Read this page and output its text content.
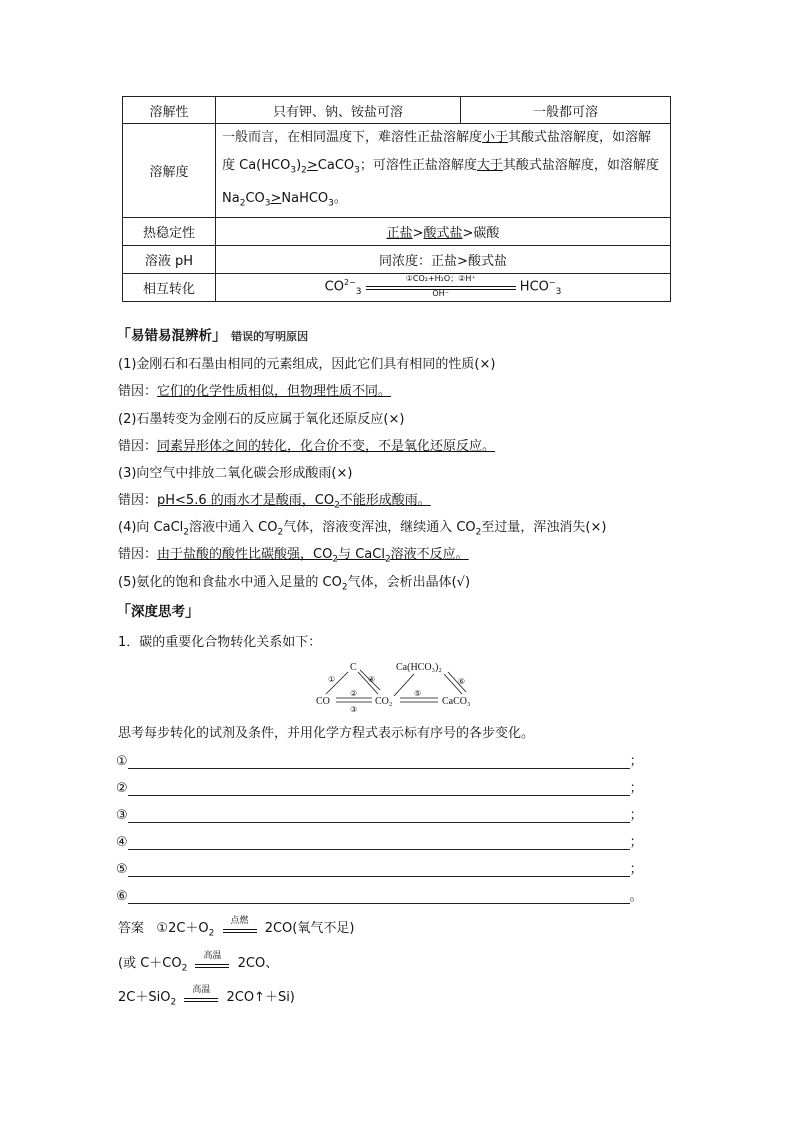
溶解性	只有钾、钠、铵盐可溶	一般都可溶
溶解度	一般而言，在相同温度下，难溶性正盐溶解度小于其酸式盐溶解度，如溶解度 $Ca(HCO_3)_2>CaCO_3$；可溶性正盐溶解度大于其酸式盐溶解度，如溶解度 $Na_2CO_3>NaHCO_3$。	
热稳定性	正盐>酸式盐>碳酸	
溶液 pH	同浓度：正盐>酸式盐	
相互转化	$CO^{2-}_3 \frac{\text{①CO₂+H₂O；②H⁺}}{OH^-} HCO^-_3$
「易错易混辨析」 错误的写明原因
(1)金刚石和石墨由相同的元素组成，因此它们具有相同的性质(×)
错因：它们的化学性质相似，但物理性质不同。
(2)石墨转变为金刚石的反应属于氧化还原反应(×)
错因：同素异形体之间的转化，化合价不变，不是氧化还原反应。
(3)向空气中排放二氧化碳会形成酸雨(×)
错因：pH<5.6 的雨水才是酸雨，$CO_2$不能形成酸雨。
(4)向 CaCl$_2$溶液中通入 $CO_2$气体，溶液变浑浊，继续通入 $CO_2$至过量，浑浊消失(×)
错因：由于盐酸的酸性比碳酸强，$CO_2$与 CaCl$_2$溶液不反应。
(5)氨化的饱和食盐水中通入足量的 $CO_2$气体，会析出晶体(√)
「深度思考」
1．碳的重要化合物转化关系如下：
C
CO	CO₂
Ca(HCO₃)₂
CaCO₃
①
②
③
④
⑤
⑥
思考每步转化的试剂及条件，并用化学方程式表示标有序号的各步变化。
①	；
②	；
③	；
④	；
⑤	；
⑥	。
答案 $①2C+O_2$
点燃
2CO(氧气不足)
(或 $C+CO_2$
高温
2CO、
2C＋SiO$_2$
高温
2CO↑＋Si)
